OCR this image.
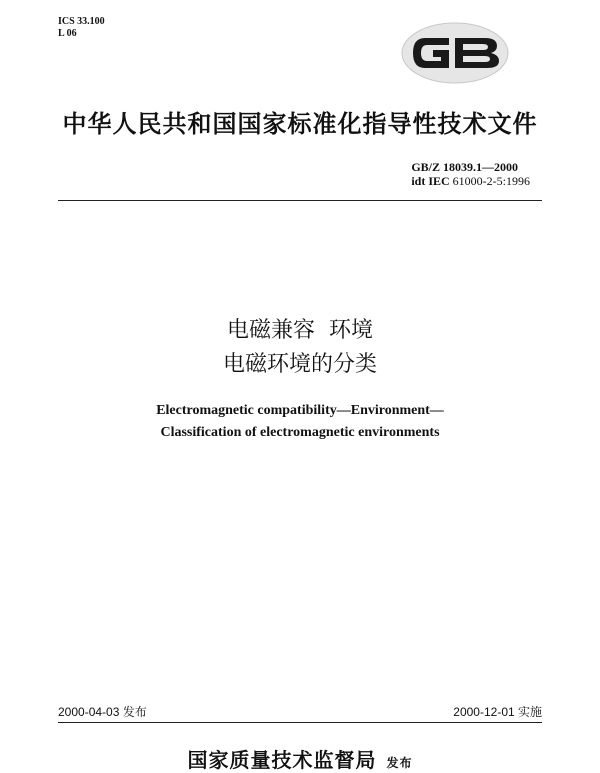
ICS 33.100
L 06
中华人民共和国国家标准化指导性技术文件
GB/Z 18039.1—2000
idt IEC 61000-2-5:1996
电磁兼容  环境
电磁环境的分类
Electromagnetic compatibility—Environment—
Classification of electromagnetic environments
2000-04-03 发布	2000-12-01 实施
国家质量技术监督局 发布
